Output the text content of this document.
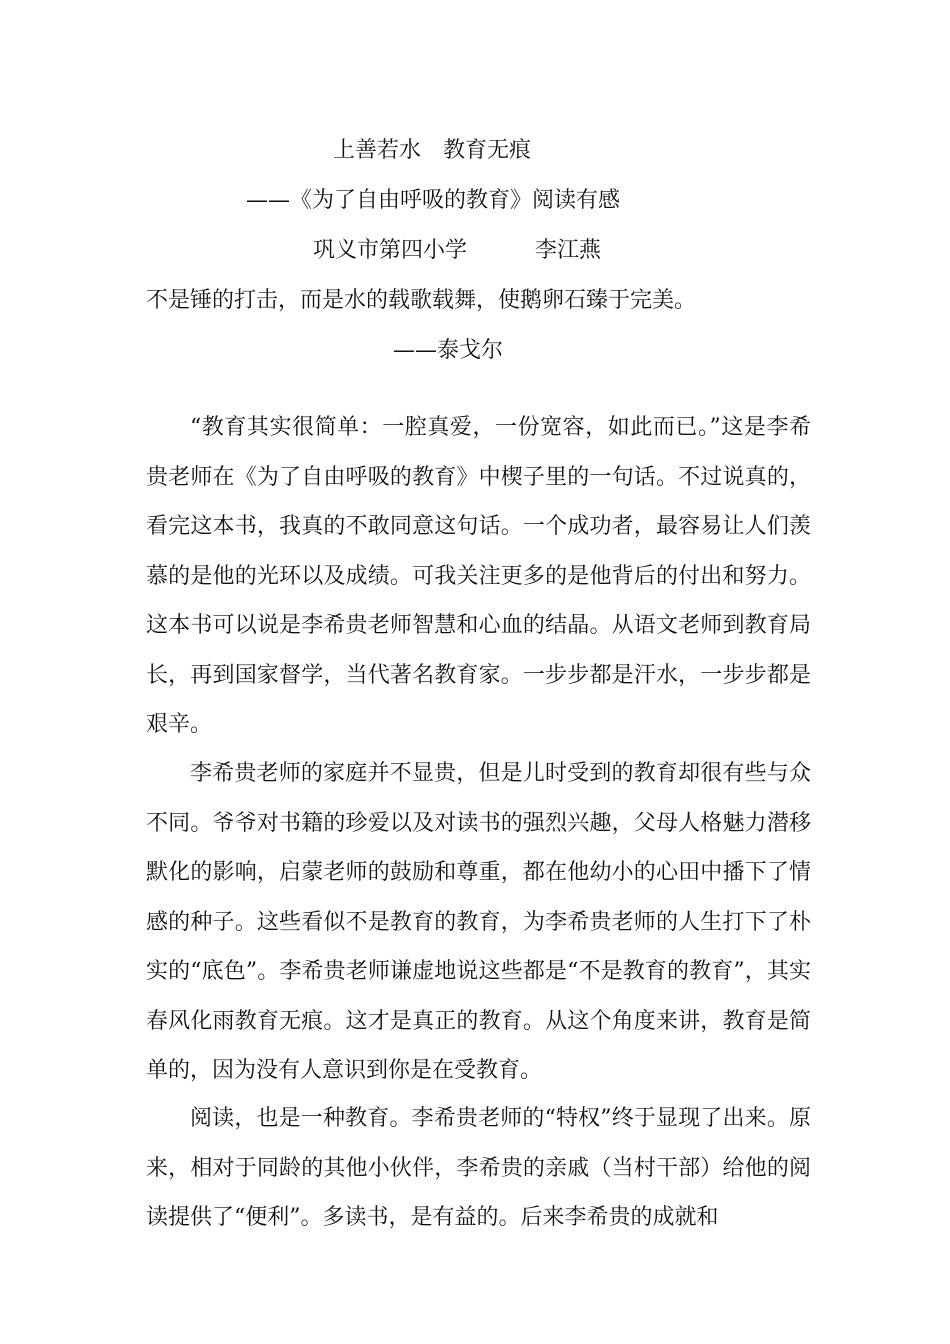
上善若水　教育无痕
——《为了自由呼吸的教育》阅读有感
巩义市第四小学	李江燕
不是锤的打击，而是水的载歌载舞，使鹅卵石臻于完美。
——泰戈尔

“教育其实很简单：一腔真爱，一份宽容，如此而已。”这是李希贵老师在《为了自由呼吸的教育》中楔子里的一句话。不过说真的，看完这本书，我真的不敢同意这句话。一个成功者，最容易让人们羡慕的是他的光环以及成绩。可我关注更多的是他背后的付出和努力。这本书可以说是李希贵老师智慧和心血的结晶。从语文老师到教育局长，再到国家督学，当代著名教育家。一步步都是汗水，一步步都是艰辛。

李希贵老师的家庭并不显贵，但是儿时受到的教育却很有些与众不同。爷爷对书籍的珍爱以及对读书的强烈兴趣，父母人格魅力潜移默化的影响，启蒙老师的鼓励和尊重，都在他幼小的心田中播下了情感的种子。这些看似不是教育的教育，为李希贵老师的人生打下了朴实的“底色”。李希贵老师谦虚地说这些都是“不是教育的教育”，其实春风化雨教育无痕。这才是真正的教育。从这个角度来讲，教育是简单的，因为没有人意识到你是在受教育。

阅读，也是一种教育。李希贵老师的“特权”终于显现了出来。原来，相对于同龄的其他小伙伴，李希贵的亲戚（当村干部）给他的阅读提供了“便利”。多读书，是有益的。后来李希贵的成就和
